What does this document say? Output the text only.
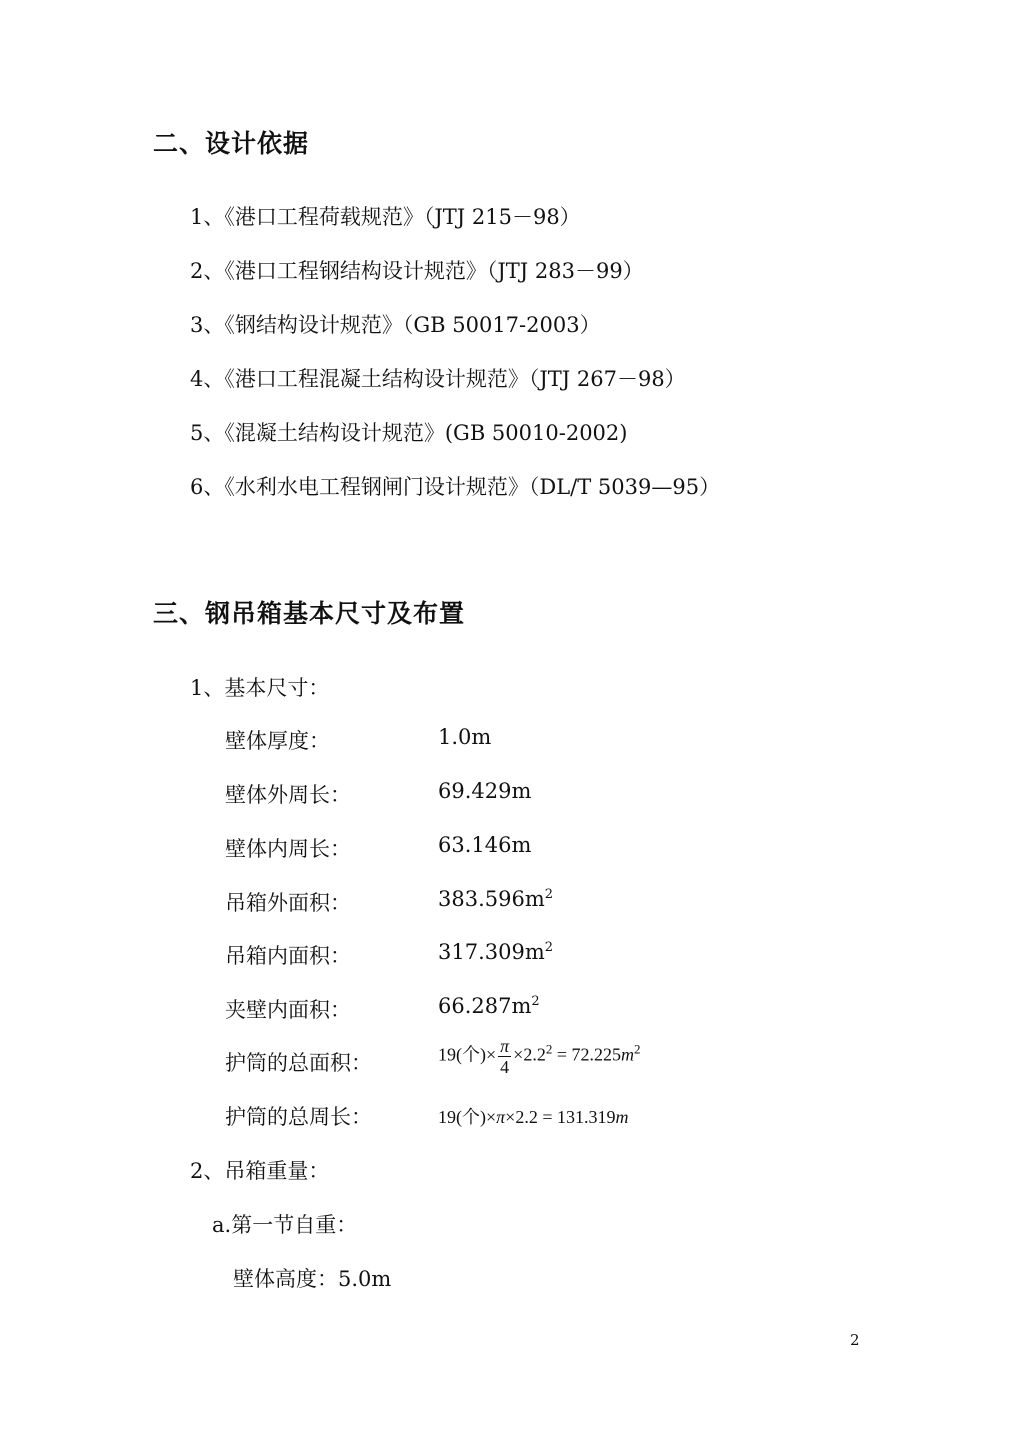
二、设计依据
1、《港口工程荷载规范》（JTJ 215－98）
2、《港口工程钢结构设计规范》（JTJ 283－99）
3、《钢结构设计规范》（GB 50017-2003）
4、《港口工程混凝土结构设计规范》（JTJ 267－98）
5、《混凝土结构设计规范》(GB 50010-2002)
6、《水利水电工程钢闸门设计规范》（DL/T 5039—95）
三、钢吊箱基本尺寸及布置
1、基本尺寸：
壁体厚度：	1.0m
壁体外周长：	69.429m
壁体内周长：	63.146m
吊箱外面积：	$383.596m^2$
吊箱内面积：	$317.309m^2$
夹壁内面积：	$66.287m^2$
护筒的总面积：	19(个)× $\frac{\pi}{4} \times 2.2^2 = 72.225m^2$
护筒的总周长：	19(个)×π×2.2 = 131.319m
2、吊箱重量：
a.第一节自重：
壁体高度：5.0m
2
